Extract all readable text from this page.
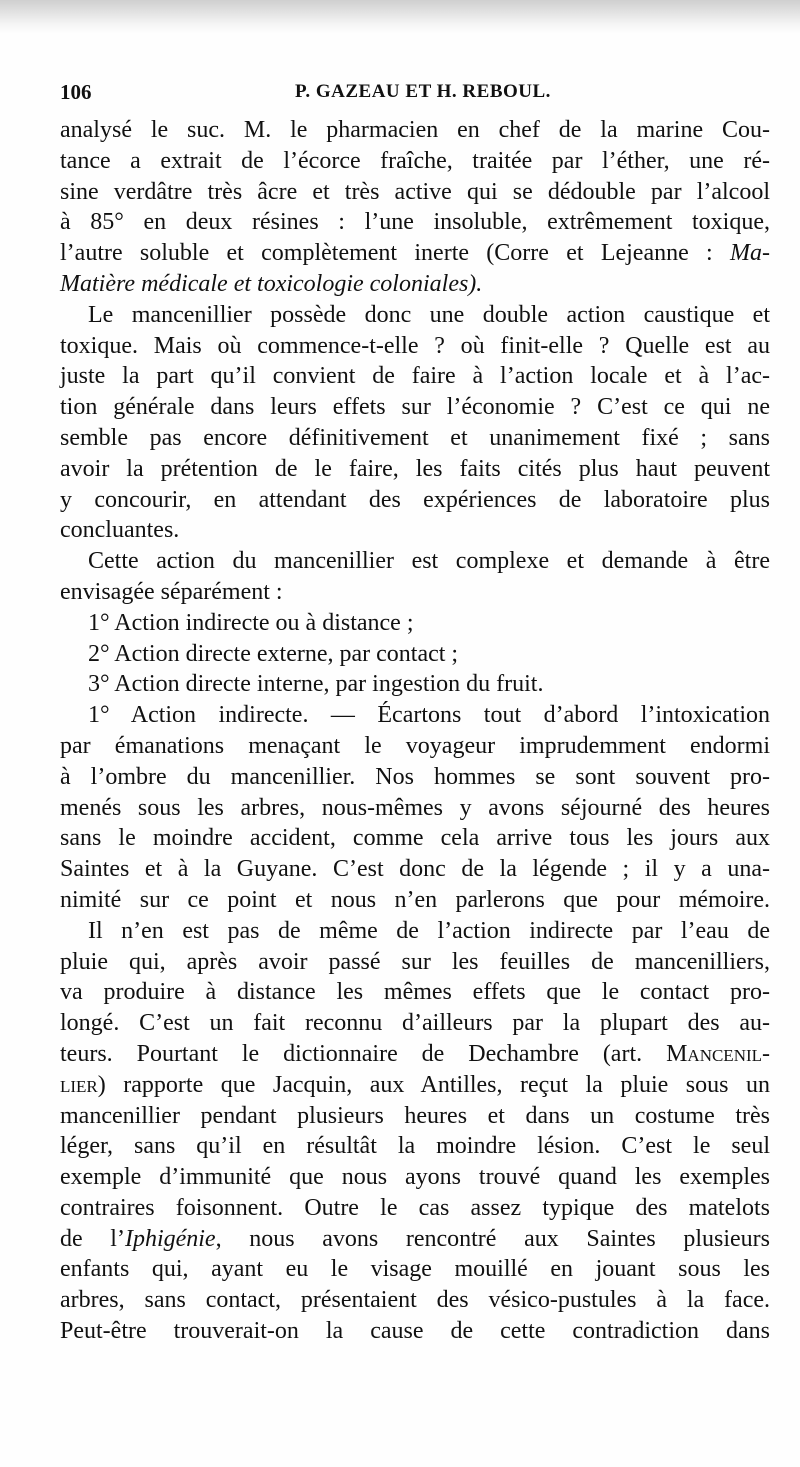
106	P. GAZEAU ET H. REBOUL.
analysé le suc. M. le pharmacien en chef de la marine Cou-
tance a extrait de l’écorce fraîche, traitée par l’éther, une ré-
sine verdâtre très âcre et très active qui se dédouble par l’alcool
à 85° en deux résines : l’une insoluble, extrêmement toxique,
l’autre soluble et complètement inerte (Corre et Lejeanne : Ma-
Matière médicale et toxicologie coloniales).
Le mancenillier possède donc une double action caustique et
toxique. Mais où commence-t-elle ? où finit-elle ? Quelle est au
juste la part qu’il convient de faire à l’action locale et à l’ac-
tion générale dans leurs effets sur l’économie ? C’est ce qui ne
semble pas encore définitivement et unanimement fixé ; sans
avoir la prétention de le faire, les faits cités plus haut peuvent
y concourir, en attendant des expériences de laboratoire plus
concluantes.
Cette action du mancenillier est complexe et demande à être
envisagée séparément :
1° Action indirecte ou à distance ;
2° Action directe externe, par contact ;
3° Action directe interne, par ingestion du fruit.
1° Action indirecte. — Écartons tout d’abord l’intoxication
par émanations menaçant le voyageur imprudemment endormi
à l’ombre du mancenillier. Nos hommes se sont souvent pro-
menés sous les arbres, nous-mêmes y avons séjourné des heures
sans le moindre accident, comme cela arrive tous les jours aux
Saintes et à la Guyane. C’est donc de la légende ; il y a una-
nimité sur ce point et nous n’en parlerons que pour mémoire.
Il n’en est pas de même de l’action indirecte par l’eau de
pluie qui, après avoir passé sur les feuilles de mancenilliers,
va produire à distance les mêmes effets que le contact pro-
longé. C’est un fait reconnu d’ailleurs par la plupart des au-
teurs. Pourtant le dictionnaire de Dechambre (art. Mancenil-
lier) rapporte que Jacquin, aux Antilles, reçut la pluie sous un
mancenillier pendant plusieurs heures et dans un costume très
léger, sans qu’il en résultât la moindre lésion. C’est le seul
exemple d’immunité que nous ayons trouvé quand les exemples
contraires foisonnent. Outre le cas assez typique des matelots
de l’Iphigénie, nous avons rencontré aux Saintes plusieurs
enfants qui, ayant eu le visage mouillé en jouant sous les
arbres, sans contact, présentaient des vésico-pustules à la face.
Peut-être trouverait-on la cause de cette contradiction dans
